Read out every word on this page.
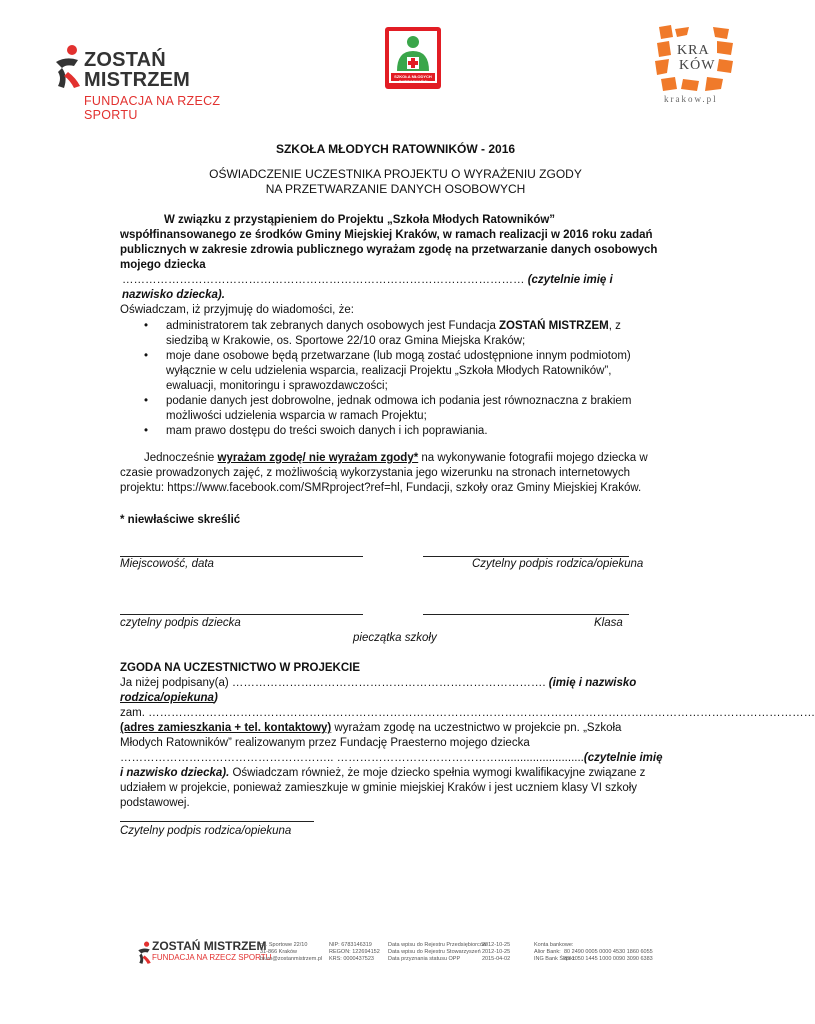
ZOSTAŃ MISTRZEM
FUNDACJA NA RZECZ SPORTU
SZKOŁA MŁODYCH RATOWNIKÓW
KRA
KÓW
krakow.pl
SZKOŁA MŁODYCH RATOWNIKÓW - 2016
OŚWIADCZENIE UCZESTNIKA PROJEKTU O WYRAŻENIU ZGODY
NA PRZETWARZANIE DANYCH OSOBOWYCH
W związku z przystąpieniem do Projektu „Szkoła Młodych Ratowników” współfinansowanego ze środków Gminy Miejskiej Kraków, w ramach realizacji w 2016 roku zadań publicznych w zakresie zdrowia publicznego wyrażam zgodę na przetwarzanie danych osobowych mojego dziecka
…………………………………………………………………………………………… (czytelnie imię i nazwisko dziecka).
Oświadczam, iż przyjmuję do wiadomości, że:
• administratorem tak zebranych danych osobowych jest Fundacja ZOSTAŃ MISTRZEM, z siedzibą w Krakowie, os. Sportowe 22/10 oraz Gmina Miejska Kraków;
• moje dane osobowe będą przetwarzane (lub mogą zostać udostępnione innym podmiotom) wyłącznie w celu udzielenia wsparcia, realizacji Projektu „Szkoła Młodych Ratowników”, ewaluacji, monitoringu i sprawozdawczości;
• podanie danych jest dobrowolne, jednak odmowa ich podania jest równoznaczna z brakiem możliwości udzielenia wsparcia w ramach Projektu;
• mam prawo dostępu do treści swoich danych i ich poprawiania.
Jednocześnie wyrażam zgodę/ nie wyrażam zgody* na wykonywanie fotografii mojego dziecka w czasie prowadzonych zajęć, z możliwością wykorzystania jego wizerunku na stronach internetowych projektu: https://www.facebook.com/SMRproject?ref=hl, Fundacji, szkoły oraz Gminy Miejskiej Kraków.
* niewłaściwe skreślić
Miejscowość, data	Czytelny podpis rodzica/opiekuna
czytelny podpis dziecka	Klasa
pieczątka szkoły
ZGODA NA UCZESTNICTWO W PROJEKCIE
Ja niżej podpisany(a) ………………………………………………………………………. (imię i nazwisko rodzica/opiekuna)
zam. …………………………………………………………………………………………………………………………………………………………
(adres zamieszkania + tel. kontaktowy) wyrażam zgodę na uczestnictwo w projekcie pn. „Szkoła Młodych Ratowników” realizowanym przez Fundację Praesterno mojego dziecka ……………………………………………….. ……………………………………...........................(czytelnie imię i nazwisko dziecka). Oświadczam również, że moje dziecko spełnia wymogi kwalifikacyjne związane z udziałem w projekcie, ponieważ zamieszkuje w gminie miejskiej Kraków i jest uczniem klasy VI szkoły podstawowej.
Czytelny podpis rodzica/opiekuna
ZOSTAŃ MISTRZEM
FUNDACJA NA RZECZ SPORTU
os. Sportowe 22/10
31-866 Kraków
biuro@zostanmistrzem.pl
NIP: 6783146319
REGON: 122694152
KRS: 0000437523
Data wpisu do Rejestru Przedsiębiorców
Data wpisu do Rejestru Stowarzyszeń
Data przyznania statusu OPP
2012-10-25
2012-10-25
2015-04-02
Konta bankowe:
Alior Bank:
ING Bank Śląski:
80 2490 0005 0000 4530 1860 6055
89 1050 1445 1000 0090 3090 6383
